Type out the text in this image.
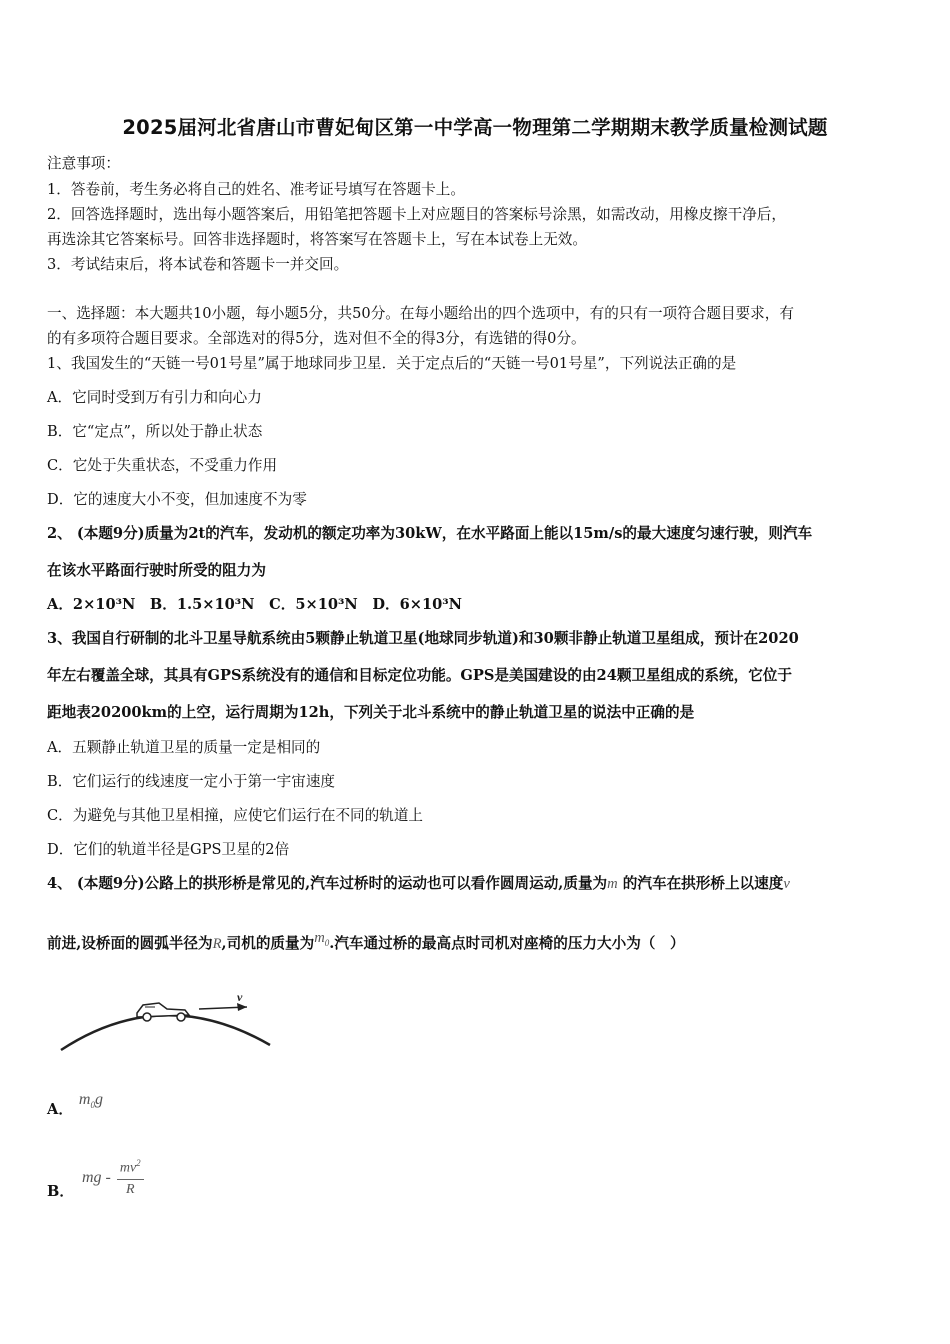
2025届河北省唐山市曹妃甸区第一中学高一物理第二学期期末教学质量检测试题
注意事项：
1．答卷前，考生务必将自己的姓名、准考证号填写在答题卡上。
2．回答选择题时，选出每小题答案后，用铅笔把答题卡上对应题目的答案标号涂黑，如需改动，用橡皮擦干净后，
再选涂其它答案标号。回答非选择题时，将答案写在答题卡上，写在本试卷上无效。
3．考试结束后，将本试卷和答题卡一并交回。
一、选择题：本大题共10小题，每小题5分，共50分。在每小题给出的四个选项中，有的只有一项符合题目要求，有
的有多项符合题目要求。全部选对的得5分，选对但不全的得3分，有选错的得0分。
1、我国发生的“天链一号01号星”属于地球同步卫星．关于定点后的“天链一号01号星”，下列说法正确的是
A．它同时受到万有引力和向心力
B．它“定点”，所以处于静止状态
C．它处于失重状态，不受重力作用
D．它的速度大小不变，但加速度不为零
2、 (本题9分)质量为2t的汽车，发动机的额定功率为30kW，在水平路面上能以15m/s的最大速度匀速行驶，则汽车
在该水平路面行驶时所受的阻力为
A．2×10³N　B．1.5×10³N　C．5×10³N　D．6×10³N
3、我国自行研制的北斗卫星导航系统由5颗静止轨道卫星(地球同步轨道)和30颗非静止轨道卫星组成，预计在2020
年左右覆盖全球，其具有GPS系统没有的通信和目标定位功能。GPS是美国建设的由24颗卫星组成的系统，它位于
距地表20200km的上空，运行周期为12h，下列关于北斗系统中的静止轨道卫星的说法中正确的是
A．五颗静止轨道卫星的质量一定是相同的
B．它们运行的线速度一定小于第一宇宙速度
C．为避免与其他卫星相撞，应使它们运行在不同的轨道上
D．它们的轨道半径是GPS卫星的2倍
4、 (本题9分)公路上的拱形桥是常见的,汽车过桥时的运动也可以看作圆周运动,质量为m 的汽车在拱形桥上以速度v
前进,设桥面的圆弧半径为R,司机的质量为$m_0$.汽车通过桥的最高点时司机对座椅的压力大小为（　）
v
A．$m_0g$
B．mg - $\frac{mv^2}{R}$
